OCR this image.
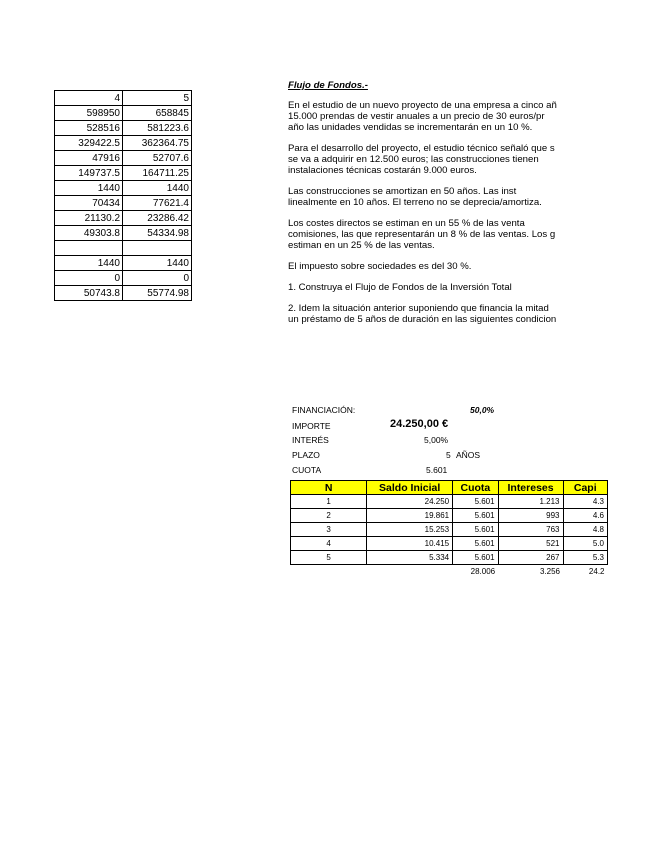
4	5
598950	658845
528516	581223.6
329422.5	362364.75
47916	52707.6
149737.5	164711.25
1440	1440
70434	77621.4
21130.2	23286.42
49303.8	54334.98

1440	1440
0	0
50743.8	55774.98

Flujo de Fondos.-

En el estudio de un nuevo proyecto de una empresa a cinco añ
15.000 prendas de vestir anuales a un precio de 30 euros/pr
año las unidades vendidas se incrementarán en un 10 %.

Para el desarrollo del proyecto, el estudio técnico señaló que s
se va a adquirir en 12.500 euros; las construcciones tienen
instalaciones técnicas costarán 9.000 euros.

Las construcciones se amortizan en 50 años. Las inst
linealmente en 10 años. El terreno no se deprecia/amortiza.

Los costes directos se estiman en un 55 % de las venta
comisiones, las que representarán un 8 % de las ventas. Los g
estiman en un 25 % de las ventas.

El impuesto sobre sociedades es del 30 %.

1. Construya el Flujo de Fondos de la Inversión Total

2. Idem la situación anterior suponiendo que financia la mitad
un préstamo de 5 años de duración en las siguientes condicion

FINANCIACIÓN:	50,0%
IMPORTE	24.250,00 €
INTERÉS	5,00%
PLAZO	5 AÑOS
CUOTA	5.601
N	Saldo Inicial	Cuota	Intereses	Capi
1	24.250	5.601	1.213	4.3
2	19.861	5.601	993	4.6
3	15.253	5.601	763	4.8
4	10.415	5.601	521	5.0
5	5.334	5.601	267	5.3
		28.006	3.256	24.2
